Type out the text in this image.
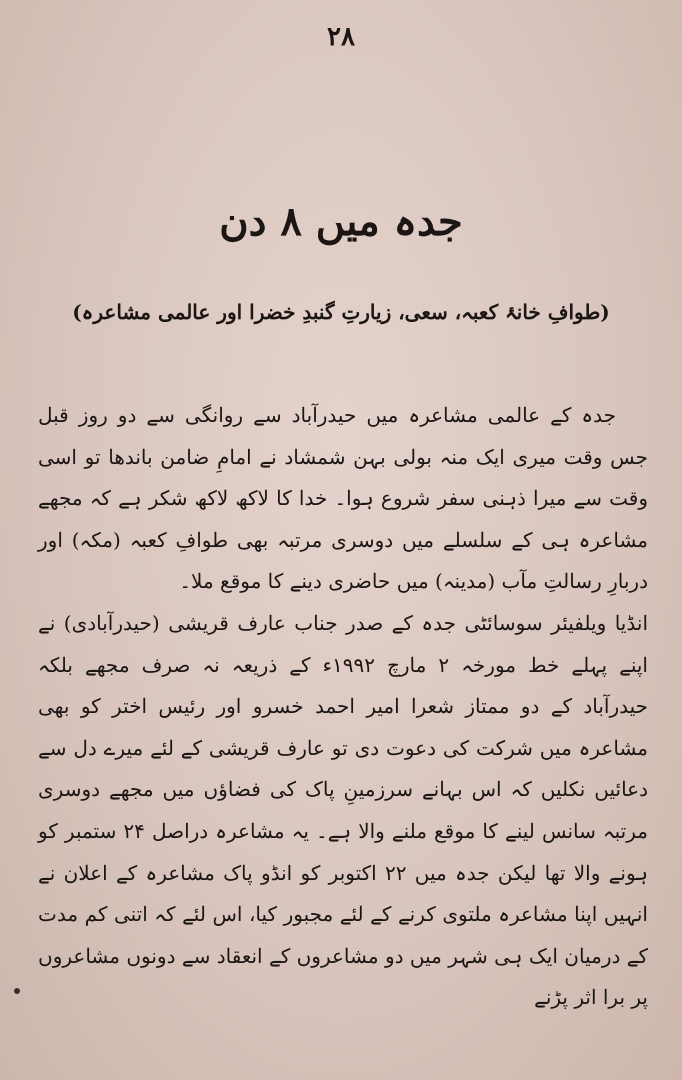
۲۸
جدہ میں ۸ دن
(طوافِ خانۂ کعبہ، سعی، زیارتِ گنبدِ خضرا اور عالمی مشاعرہ)

جدہ کے عالمی مشاعرہ میں حیدرآباد سے روانگی سے دو روز قبل جس وقت میری ایک منہ بولی بہن شمشاد نے امامِ ضامن باندھا تو اسی وقت سے میرا ذہنی سفر شروع ہوا۔ خدا کا لاکھ لاکھ شکر ہے کہ مجھے مشاعرہ ہی کے سلسلے میں دوسری مرتبہ بھی طوافِ کعبہ (مکہ) اور دربارِ رسالتِ مآب (مدینہ) میں حاضری دینے کا موقع ملا۔

انڈیا ویلفیئر سوسائٹی جدہ کے صدر جناب عارف قریشی (حیدرآبادی) نے اپنے پہلے خط مورخہ ۲ مارچ ۱۹۹۲ء کے ذریعہ نہ صرف مجھے بلکہ حیدرآباد کے دو ممتاز شعرا امیر احمد خسرو اور رئیس اختر کو بھی مشاعرہ میں شرکت کی دعوت دی تو عارف قریشی کے لئے میرے دل سے دعائیں نکلیں کہ اس بہانے سرزمینِ پاک کی فضاؤں میں مجھے دوسری مرتبہ سانس لینے کا موقع ملنے والا ہے۔ یہ مشاعرہ دراصل ۲۴ ستمبر کو ہونے والا تھا لیکن جدہ میں ۲۲ اکتوبر کو انڈو پاک مشاعرہ کے اعلان نے انہیں اپنا مشاعرہ ملتوی کرنے کے لئے مجبور کیا، اس لئے کہ اتنی کم مدت کے درمیان ایک ہی شہر میں دو مشاعروں کے انعقاد سے دونوں مشاعروں پر برا اثر پڑنے
